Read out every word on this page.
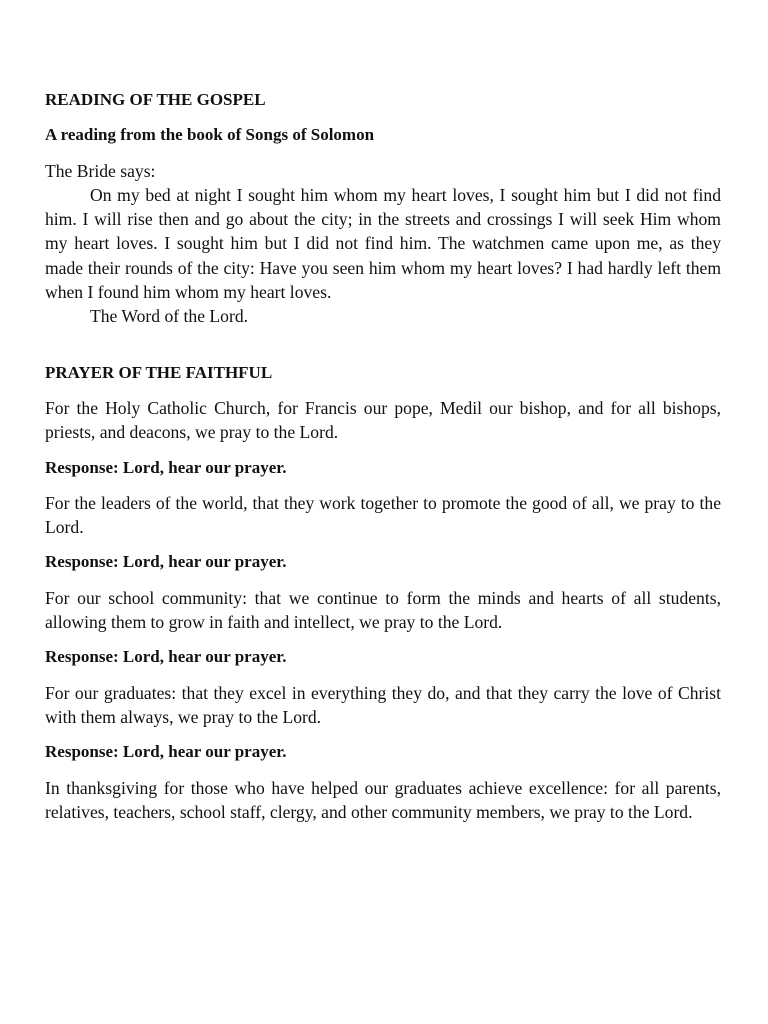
READING OF THE GOSPEL

A reading from the book of Songs of Solomon

The Bride says:

On my bed at night I sought him whom my heart loves, I sought him but I did not find him. I will rise then and go about the city; in the streets and crossings I will seek Him whom my heart loves. I sought him but I did not find him. The watchmen came upon me, as they made their rounds of the city: Have you seen him whom my heart loves? I had hardly left them when I found him whom my heart loves.

The Word of the Lord.

PRAYER OF THE FAITHFUL

For the Holy Catholic Church, for Francis our pope, Medil our bishop, and for all bishops, priests, and deacons, we pray to the Lord.

Response: Lord, hear our prayer.

For the leaders of the world, that they work together to promote the good of all, we pray to the Lord.

Response: Lord, hear our prayer.

For our school community: that we continue to form the minds and hearts of all students, allowing them to grow in faith and intellect, we pray to the Lord.

Response: Lord, hear our prayer.

For our graduates: that they excel in everything they do, and that they carry the love of Christ with them always, we pray to the Lord.

Response: Lord, hear our prayer.

In thanksgiving for those who have helped our graduates achieve excellence: for all parents, relatives, teachers, school staff, clergy, and other community members, we pray to the Lord.
